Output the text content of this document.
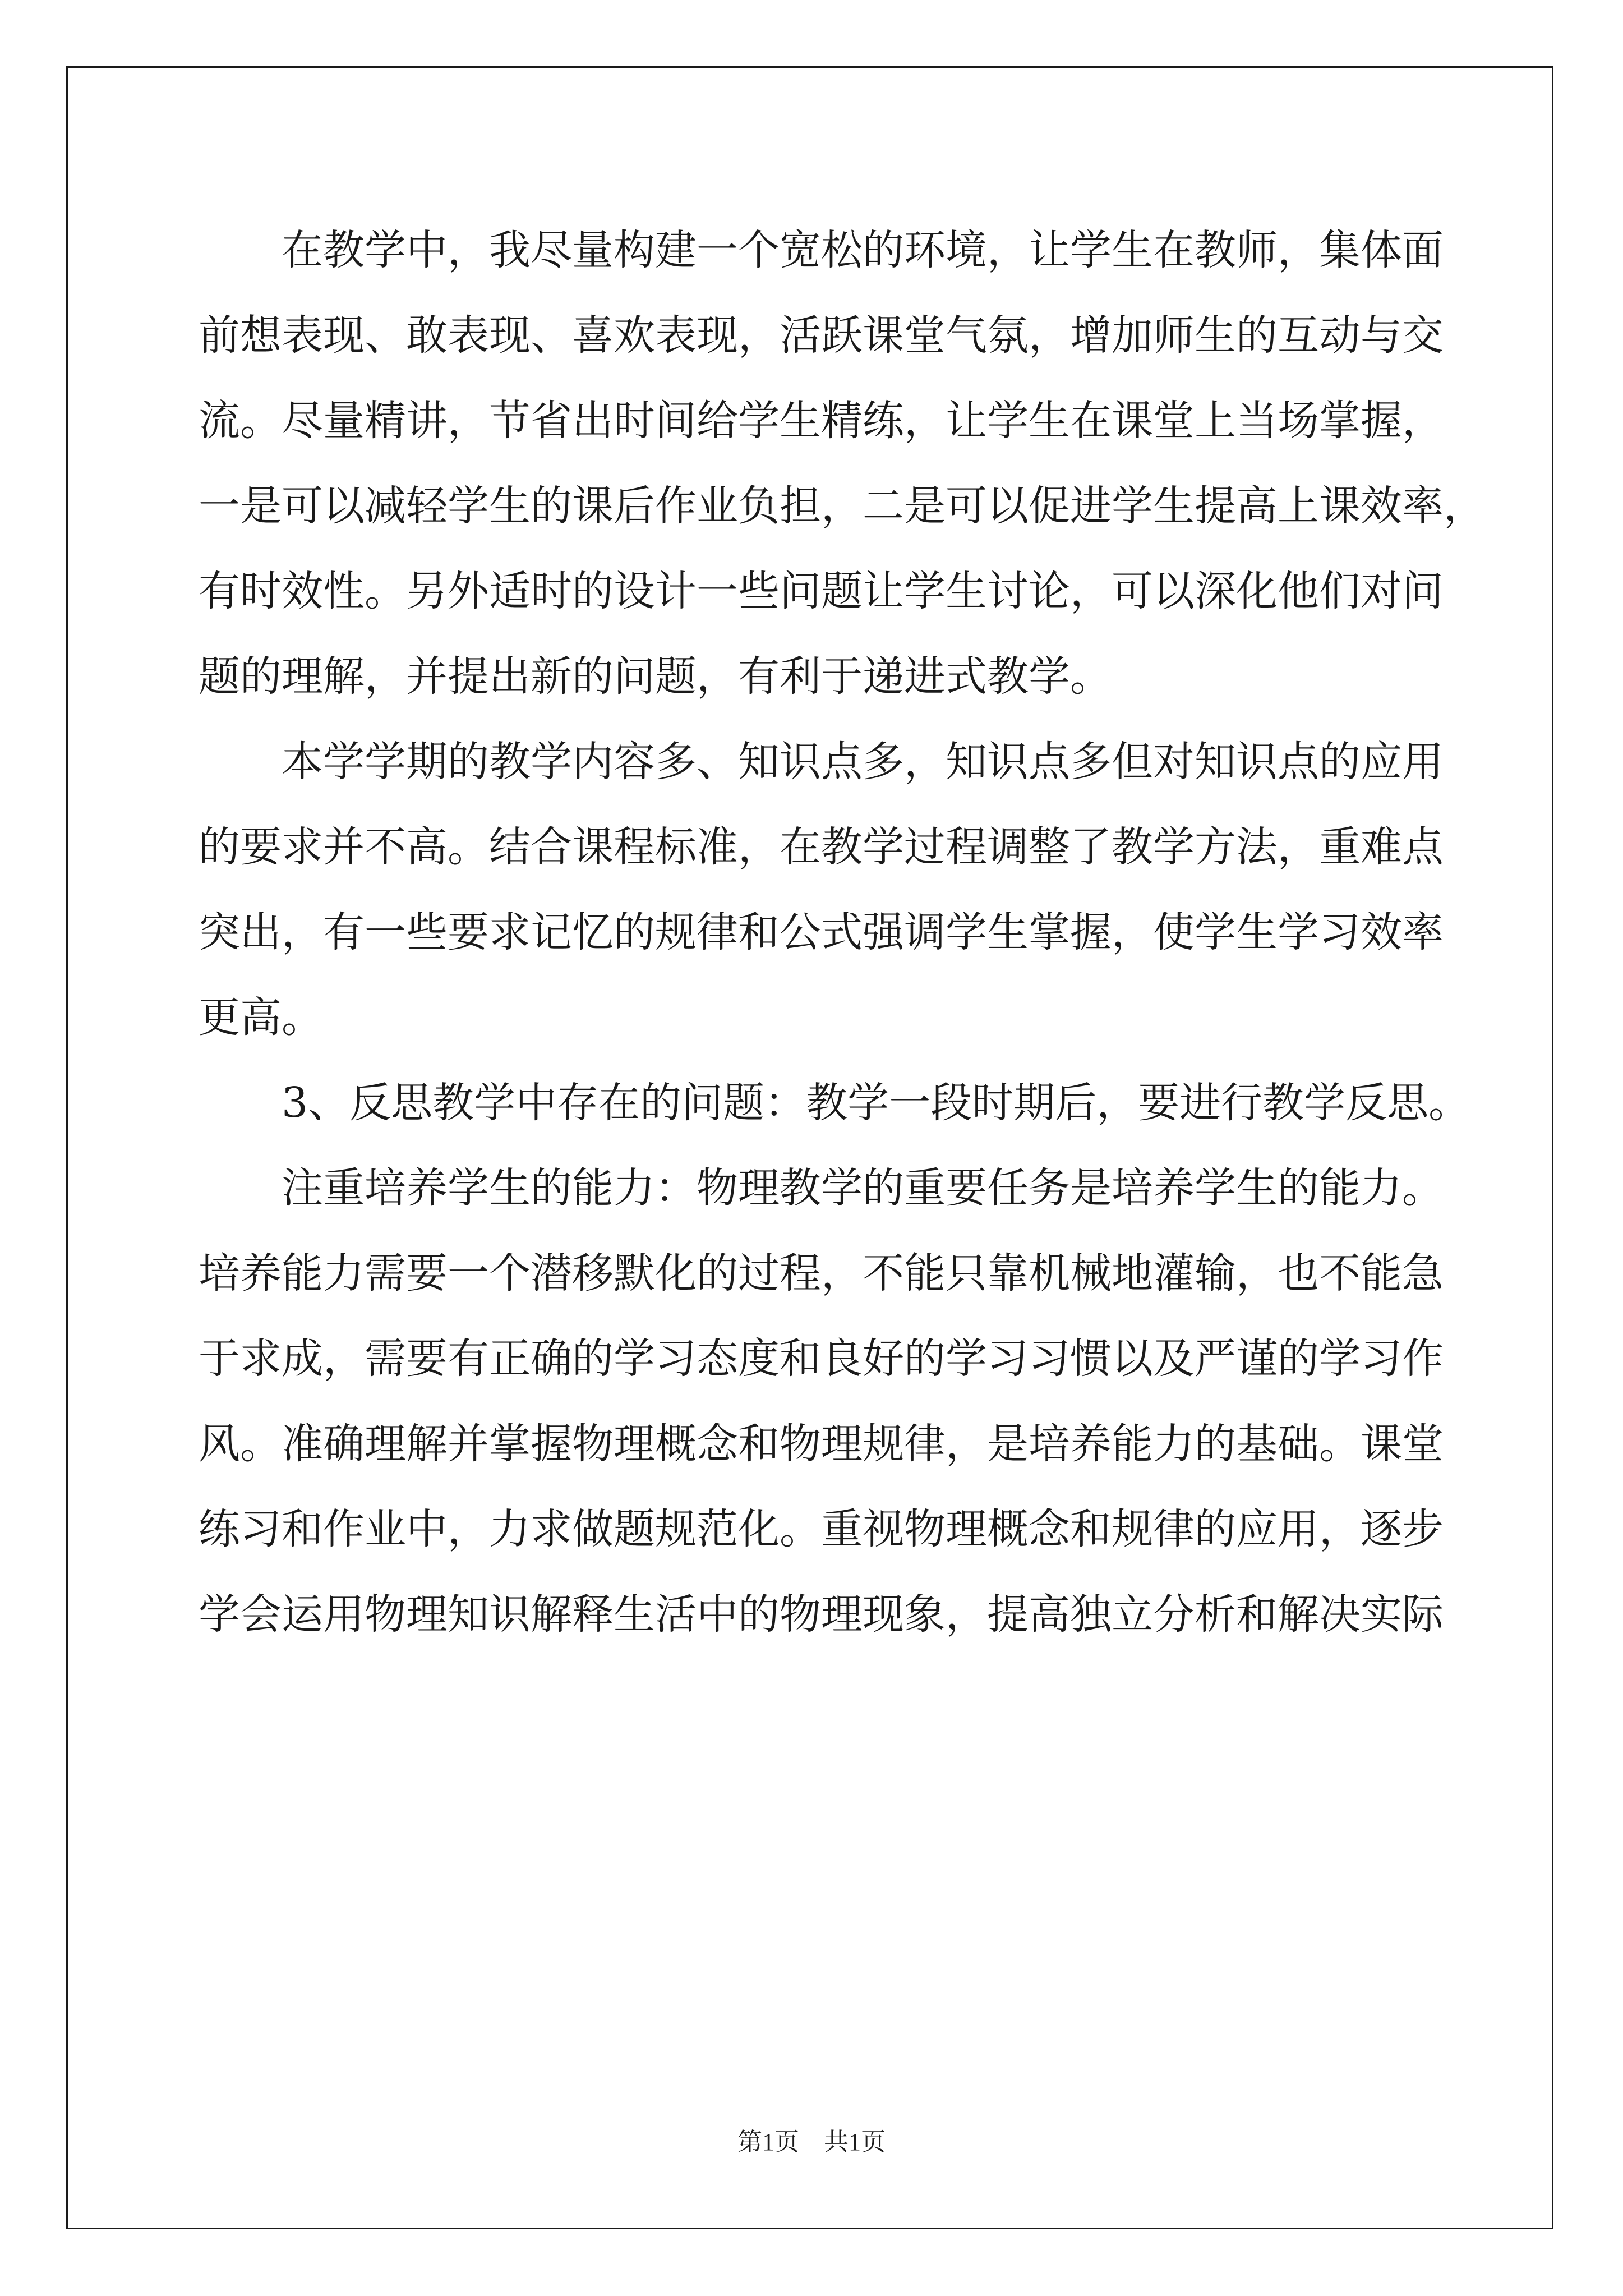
　　在教学中，我尽量构建一个宽松的环境，让学生在教师，集体面
前想表现、敢表现、喜欢表现，活跃课堂气氛，增加师生的互动与交
流。尽量精讲，节省出时间给学生精练，让学生在课堂上当场掌握，
一是可以减轻学生的课后作业负担，二是可以促进学生提高上课效率，
有时效性。另外适时的设计一些问题让学生讨论，可以深化他们对问
题的理解，并提出新的问题，有利于递进式教学。
　　本学学期的教学内容多、知识点多，知识点多但对知识点的应用
的要求并不高。结合课程标准，在教学过程调整了教学方法，重难点
突出，有一些要求记忆的规律和公式强调学生掌握，使学生学习效率
更高。
　　3、反思教学中存在的问题：教学一段时期后，要进行教学反思。
　　注重培养学生的能力：物理教学的重要任务是培养学生的能力。
培养能力需要一个潜移默化的过程，不能只靠机械地灌输，也不能急
于求成，需要有正确的学习态度和良好的学习习惯以及严谨的学习作
风。准确理解并掌握物理概念和物理规律，是培养能力的基础。课堂
练习和作业中，力求做题规范化。重视物理概念和规律的应用，逐步
学会运用物理知识解释生活中的物理现象，提高独立分析和解决实际
第1页　共1页
